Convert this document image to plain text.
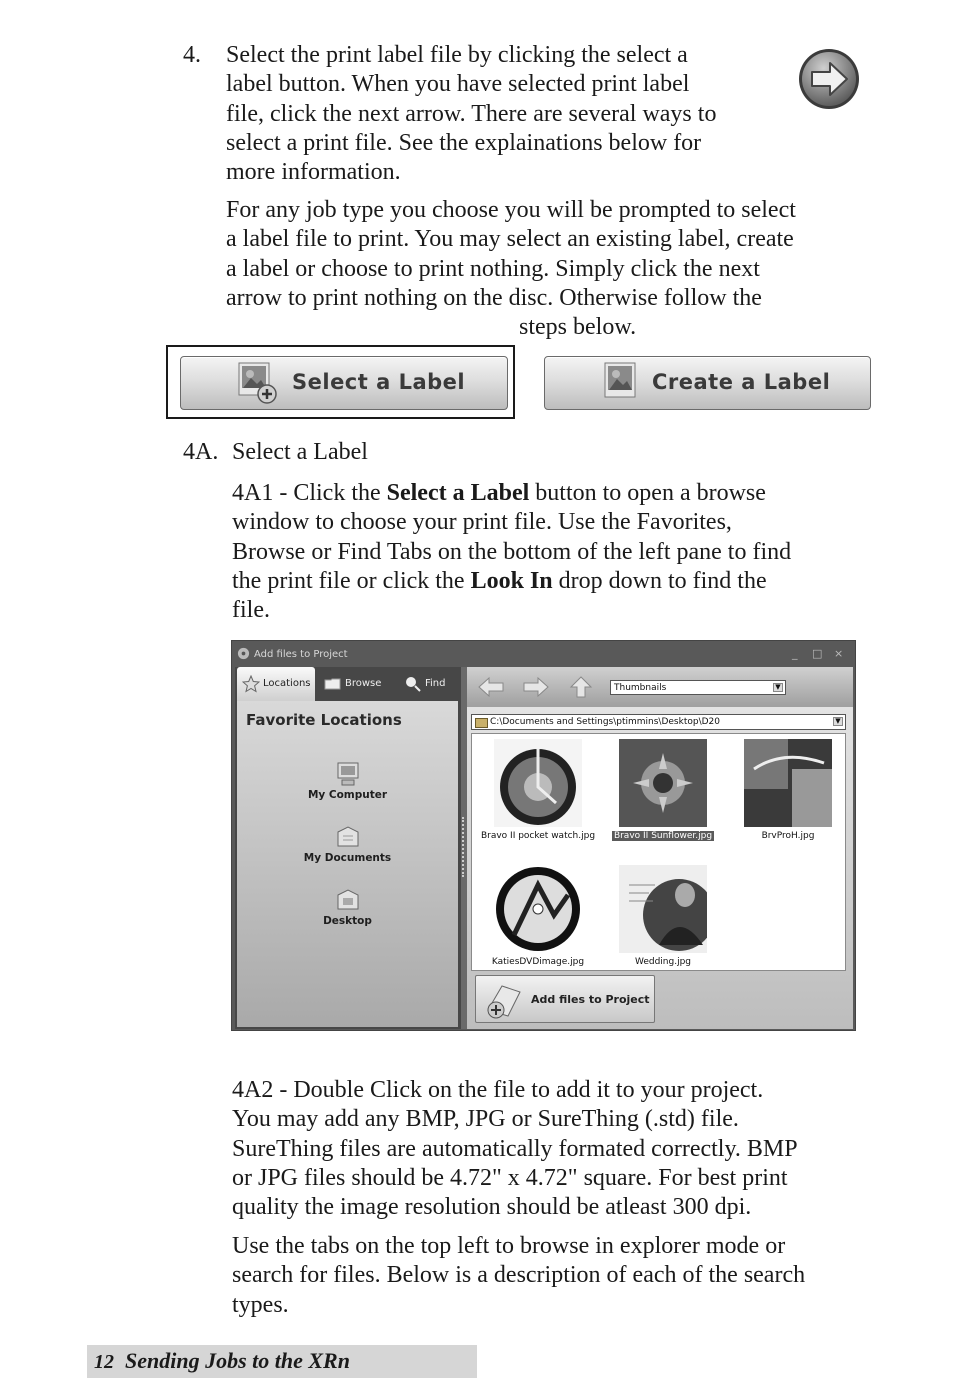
4. Select the print label file by clicking the select a

label button. When you have selected print label

file, click the next arrow. There are several ways to

select a print file. See the explainations below for

more information.

For any job type you choose you will be prompted to select

a label file to print. You may select an existing label, create

a label or choose to print nothing. Simply click the next

arrow to print nothing on the disc. Otherwise follow the

steps below.

Select a Label	Create a Label
4A. Select a Label

4A1 - Click the Select a Label button to open a browse

window to choose your print file. Use the Favorites,

Browse or Find Tabs on the bottom of the left pane to find

the print file or click the Look In drop down to find the

file.

Add files to Project	_ □ ×
Locations	Browse	Find
Favorite Locations
My Computer
My Documents
Desktop
Thumbnails	▼
C:\Documents and Settings\ptimmins\Desktop\D20	▼
Bravo II pocket watch.jpg	Bravo II Sunflower.jpg	BrvProH.jpg
KatiesDVDimage.jpg	Wedding.jpg
Add files to Project

4A2 - Double Click on the file to add it to your project.

You may add any BMP, JPG or SureThing (.std) file.

SureThing files are automatically formated correctly. BMP

or JPG files should be 4.72" x 4.72" square. For best print

quality the image resolution should be atleast 300 dpi.

Use the tabs on the top left to browse in explorer mode or

search for files. Below is a description of each of the search

types.

12 Sending Jobs to the XRn
